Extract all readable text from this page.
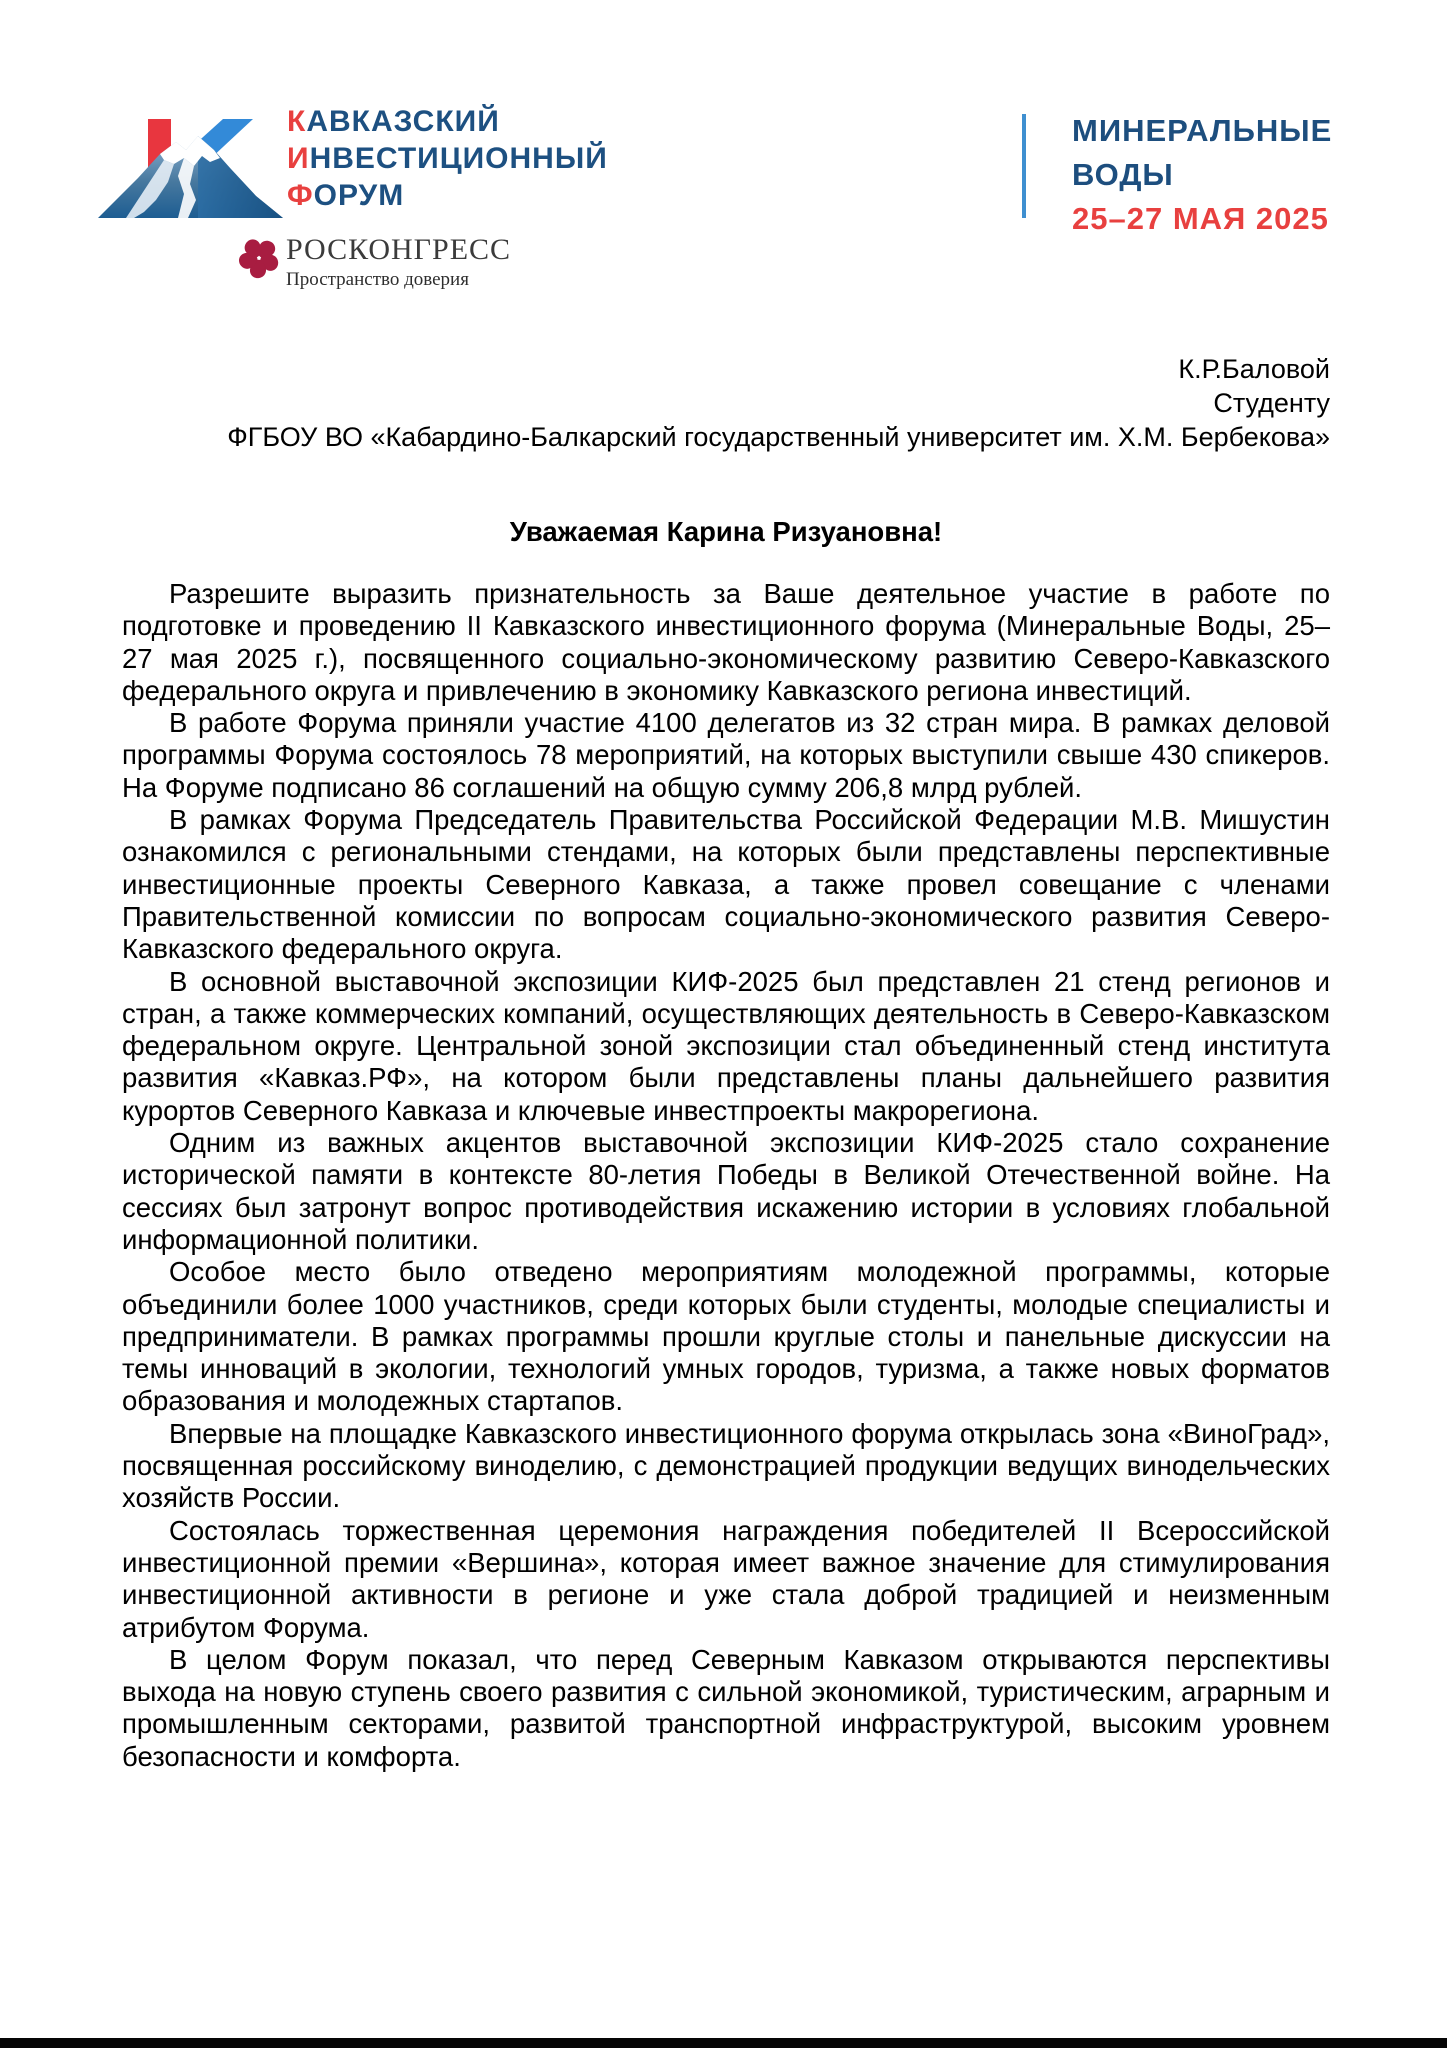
КАВКАЗСКИЙ
ИНВЕСТИЦИОННЫЙ
ФОРУМ
РОСКОНГРЕСС
Пространство доверия
МИНЕРАЛЬНЫЕ
ВОДЫ
25–27 МАЯ 2025
К.Р.Баловой
Студенту
ФГБОУ ВО «Кабардино-Балкарский государственный университет им. Х.М. Бербекова»
Уважаемая Карина Ризуановна!

Разрешите выразить признательность за Ваше деятельное участие в работе по подготовке и проведению II Кавказского инвестиционного форума (Минеральные Воды, 25–27 мая 2025 г.), посвященного социально-экономическому развитию Северо-Кавказского федерального округа и привлечению в экономику Кавказского региона инвестиций.

В работе Форума приняли участие 4100 делегатов из 32 стран мира. В рамках деловой программы Форума состоялось 78 мероприятий, на которых выступили свыше 430 спикеров. На Форуме подписано 86 соглашений на общую сумму 206,8 млрд рублей.

В рамках Форума Председатель Правительства Российской Федерации М.В. Мишустин ознакомился с региональными стендами, на которых были представлены перспективные инвестиционные проекты Северного Кавказа, а также провел совещание с членами Правительственной комиссии по вопросам социально-экономического развития Северо-Кавказского федерального округа.

В основной выставочной экспозиции КИФ-2025 был представлен 21 стенд регионов и стран, а также коммерческих компаний, осуществляющих деятельность в Северо-Кавказском федеральном округе. Центральной зоной экспозиции стал объединенный стенд института развития «Кавказ.РФ», на котором были представлены планы дальнейшего развития курортов Северного Кавказа и ключевые инвестпроекты макрорегиона.

Одним из важных акцентов выставочной экспозиции КИФ-2025 стало сохранение исторической памяти в контексте 80-летия Победы в Великой Отечественной войне. На сессиях был затронут вопрос противодействия искажению истории в условиях глобальной информационной политики.

Особое место было отведено мероприятиям молодежной программы, которые объединили более 1000 участников, среди которых были студенты, молодые специалисты и предприниматели. В рамках программы прошли круглые столы и панельные дискуссии на темы инноваций в экологии, технологий умных городов, туризма, а также новых форматов образования и молодежных стартапов.

Впервые на площадке Кавказского инвестиционного форума открылась зона «ВиноГрад», посвященная российскому виноделию, с демонстрацией продукции ведущих винодельческих хозяйств России.

Состоялась торжественная церемония награждения победителей II Всероссийской инвестиционной премии «Вершина», которая имеет важное значение для стимулирования инвестиционной активности в регионе и уже стала доброй традицией и неизменным атрибутом Форума.

В целом Форум показал, что перед Северным Кавказом открываются перспективы выхода на новую ступень своего развития с сильной экономикой, туристическим, аграрным и промышленным секторами, развитой транспортной инфраструктурой, высоким уровнем безопасности и комфорта.
